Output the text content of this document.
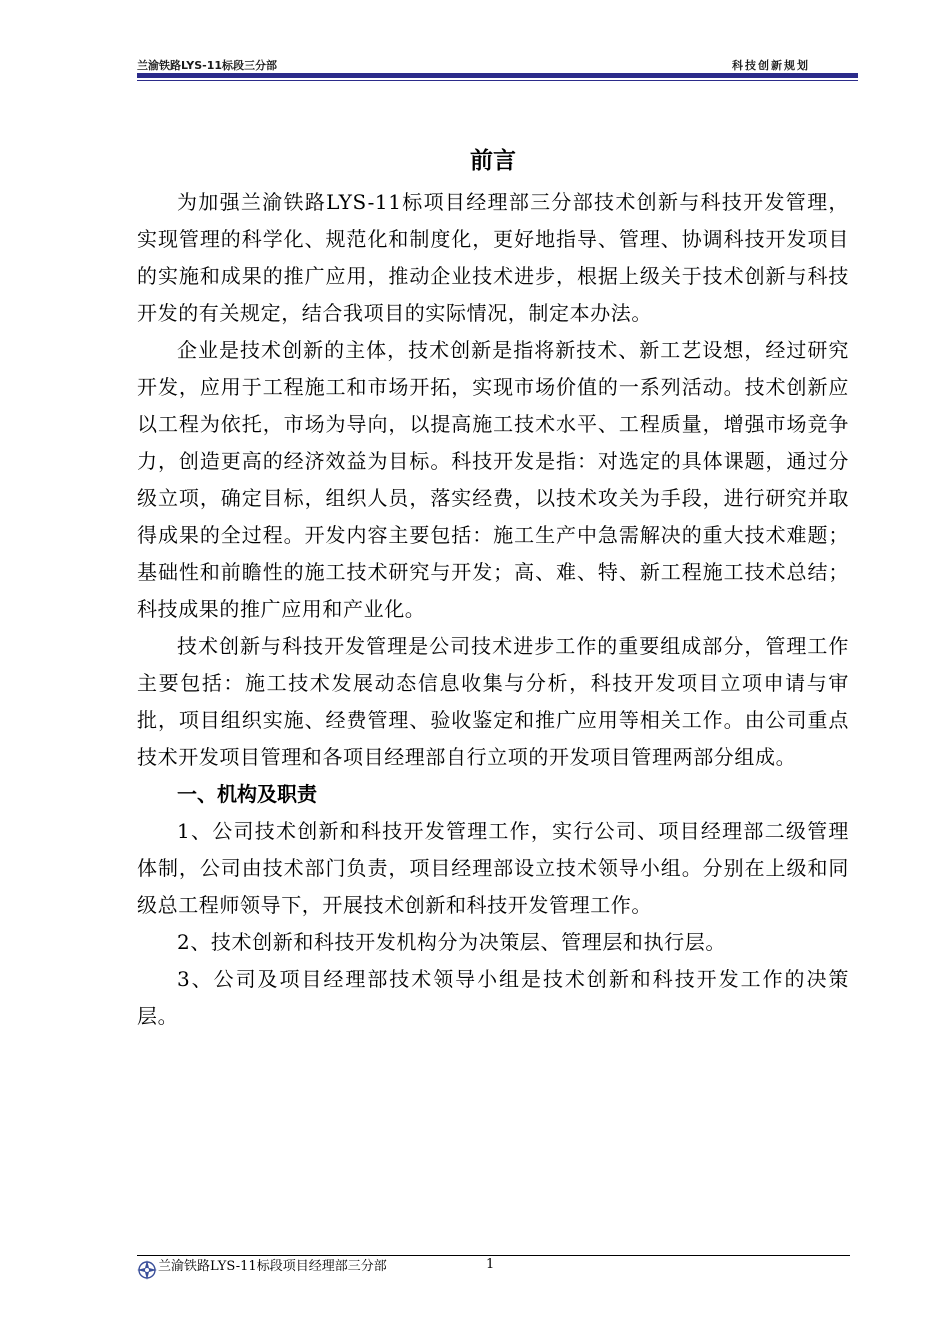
兰渝铁路LYS-11标段三分部	科技创新规划
前言

为加强兰渝铁路LYS-11标项目经理部三分部技术创新与科技开发管理，实现管理的科学化、规范化和制度化，更好地指导、管理、协调科技开发项目的实施和成果的推广应用，推动企业技术进步，根据上级关于技术创新与科技开发的有关规定，结合我项目的实际情况，制定本办法。

企业是技术创新的主体，技术创新是指将新技术、新工艺设想，经过研究开发，应用于工程施工和市场开拓，实现市场价值的一系列活动。技术创新应以工程为依托，市场为导向，以提高施工技术水平、工程质量，增强市场竞争力，创造更高的经济效益为目标。科技开发是指：对选定的具体课题，通过分级立项，确定目标，组织人员，落实经费，以技术攻关为手段，进行研究并取得成果的全过程。开发内容主要包括：施工生产中急需解决的重大技术难题；基础性和前瞻性的施工技术研究与开发；高、难、特、新工程施工技术总结；科技成果的推广应用和产业化。

技术创新与科技开发管理是公司技术进步工作的重要组成部分，管理工作主要包括：施工技术发展动态信息收集与分析，科技开发项目立项申请与审批，项目组织实施、经费管理、验收鉴定和推广应用等相关工作。由公司重点技术开发项目管理和各项目经理部自行立项的开发项目管理两部分组成。

一、机构及职责

1、公司技术创新和科技开发管理工作，实行公司、项目经理部二级管理体制，公司由技术部门负责，项目经理部设立技术领导小组。分别在上级和同级总工程师领导下，开展技术创新和科技开发管理工作。

2、技术创新和科技开发机构分为决策层、管理层和执行层。

3、公司及项目经理部技术领导小组是技术创新和科技开发工作的决策层。

兰渝铁路LYS-11标段项目经理部三分部	1
